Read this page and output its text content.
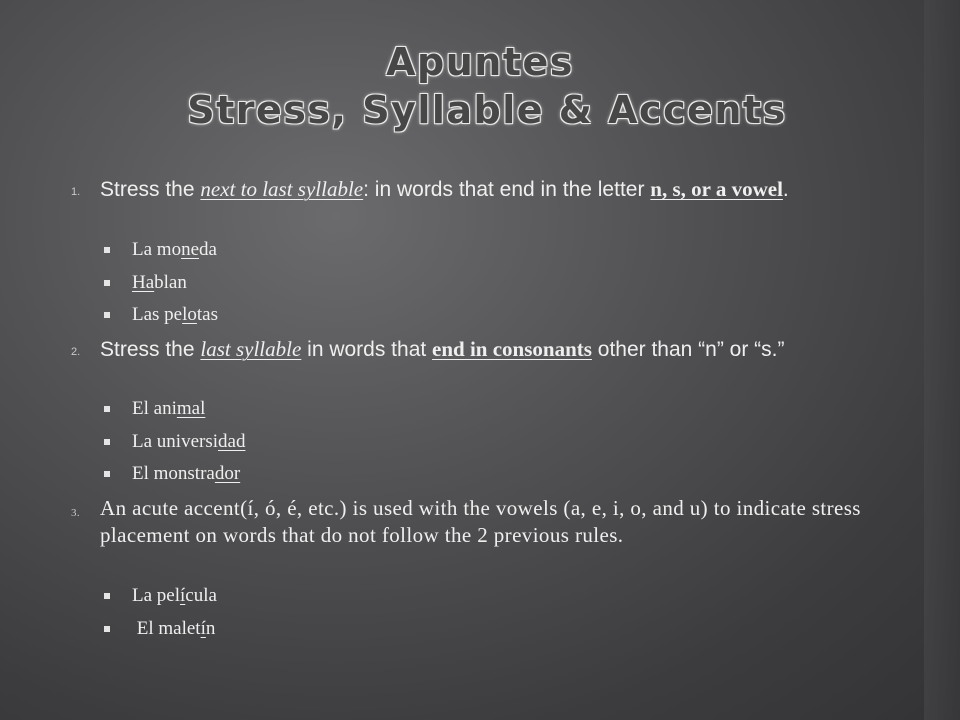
Apuntes
Stress, Syllable & Accents

1. Stress the next to last syllable: in words that end in the letter n, s, or a vowel.

La moneda
Hablan
Las pelotas

2. Stress the last syllable in words that end in consonants other than “n” or “s.”

El animal
La universidad
El monstrador

3. An acute accent(í, ó, é, etc.) is used with the vowels (a, e, i, o, and u) to indicate stress placement on words that do not follow the 2 previous rules.

La película
El maletín
